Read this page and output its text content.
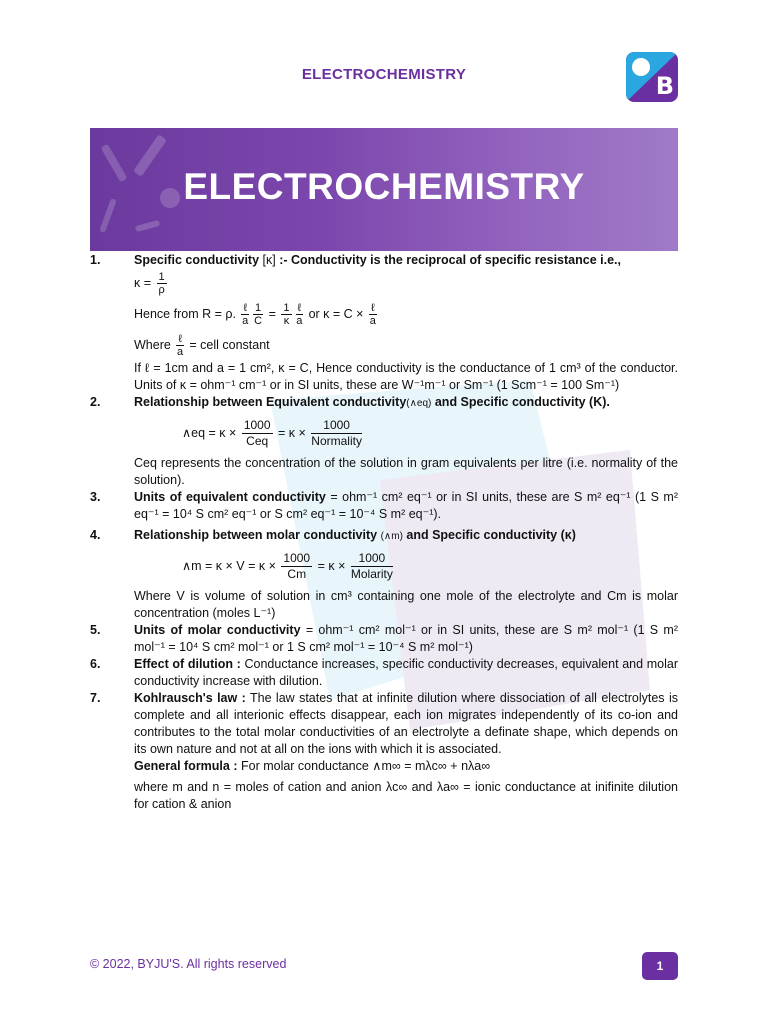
ELECTROCHEMISTRY	B
ELECTROCHEMISTRY
1.	Specific conductivity [κ] :- Conductivity is the reciprocal of specific resistance i.e.,
$\kappa = \frac{1}{\rho}$
Hence from R = ρ. $\frac{\text{ℓ}}{a} \frac{1}{C} = \frac{1}{\kappa} \frac{\text{ℓ}}{a}$ or $\kappa = C \times \frac{\text{ℓ}}{a}$
Where $\frac{\text{ℓ}}{a}$ = cell constant
If ℓ = 1cm and a = 1 cm², κ = C, Hence conductivity is the conductance of 1 cm³ of the conductor. Units of κ = ohm⁻¹ cm⁻¹ or in SI units, these are W⁻¹m⁻¹ or Sm⁻¹ (1 Scm⁻¹ = 100 Sm⁻¹)
2.	Relationship between Equivalent conductivity(∧eq) and Specific conductivity (K).
∧eq = $\kappa \times \frac{1000}{\text{Ceq}} = \kappa \times \frac{1000}{\text{Normality}}$
Ceq represents the concentration of the solution in gram equivalents per litre (i.e. normality of the solution).
3.	Units of equivalent conductivity = ohm⁻¹ cm² eq⁻¹ or in SI units, these are S m² eq⁻¹ (1 S m² eq⁻¹ = 10⁴ S cm² eq⁻¹ or S cm² eq⁻¹ = 10⁻⁴ S m² eq⁻¹).
4.	Relationship between molar conductivity (∧m) and Specific conductivity (κ)
∧m = $\kappa \times V = \kappa \times \frac{1000}{Cm} = \kappa \times \frac{1000}{\text{Molarity}}$
Where V is volume of solution in cm³ containing one mole of the electrolyte and Cm is molar concentration (moles L⁻¹)
5.	Units of molar conductivity = ohm⁻¹ cm² mol⁻¹ or in SI units, these are S m² mol⁻¹ (1 S m² mol⁻¹ = 10⁴ S cm² mol⁻¹ or 1 S cm² mol⁻¹ = 10⁻⁴ S m² mol⁻¹)
6.	Effect of dilution : Conductance increases, specific conductivity decreases, equivalent and molar conductivity increase with dilution.
7.	Kohlrausch's law : The law states that at infinite dilution where dissociation of all electrolytes is complete and all interionic effects disappear, each ion migrates independently of its co-ion and contributes to the total molar conductivities of an electrolyte a definate shape, which depends on its own nature and not at all on the ions with which it is associated.
General formula : For molar conductance ∧m∞ = mλc∞ + nλa∞
where m and n = moles of cation and anion λc∞ and λa∞ = ionic conductance at inifinite dilution for cation & anion
© 2022, BYJU'S. All rights reserved	1
